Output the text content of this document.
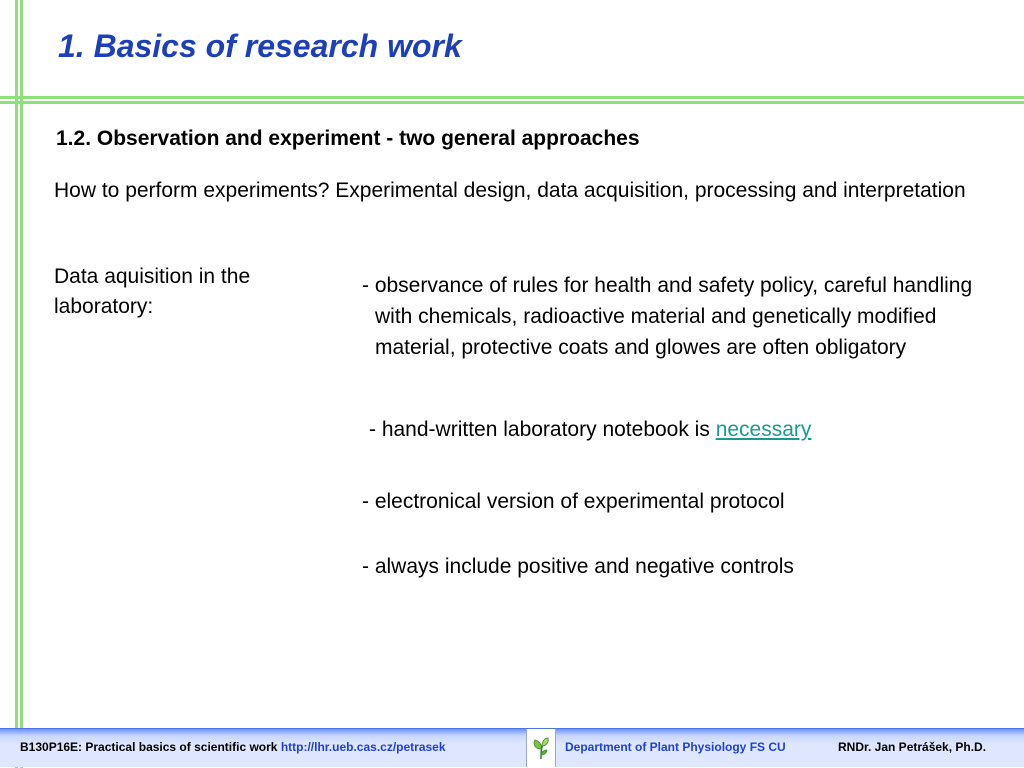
1. Basics of research work
1.2. Observation and experiment - two general approaches
How to perform experiments? Experimental design, data acquisition, processing and interpretation
Data aquisition in the laboratory:
- observance of rules for health and safety policy, careful handling with chemicals, radioactive material and genetically modified material, protective coats and glowes are often obligatory
- hand-written laboratory notebook is necessary
- electronical version of experimental protocol
- always include positive and negative controls
B130P16E: Practical basics of scientific work http://lhr.ueb.cas.cz/petrasek	Department of Plant Physiology FS CU	RNDr. Jan Petrášek, Ph.D.
